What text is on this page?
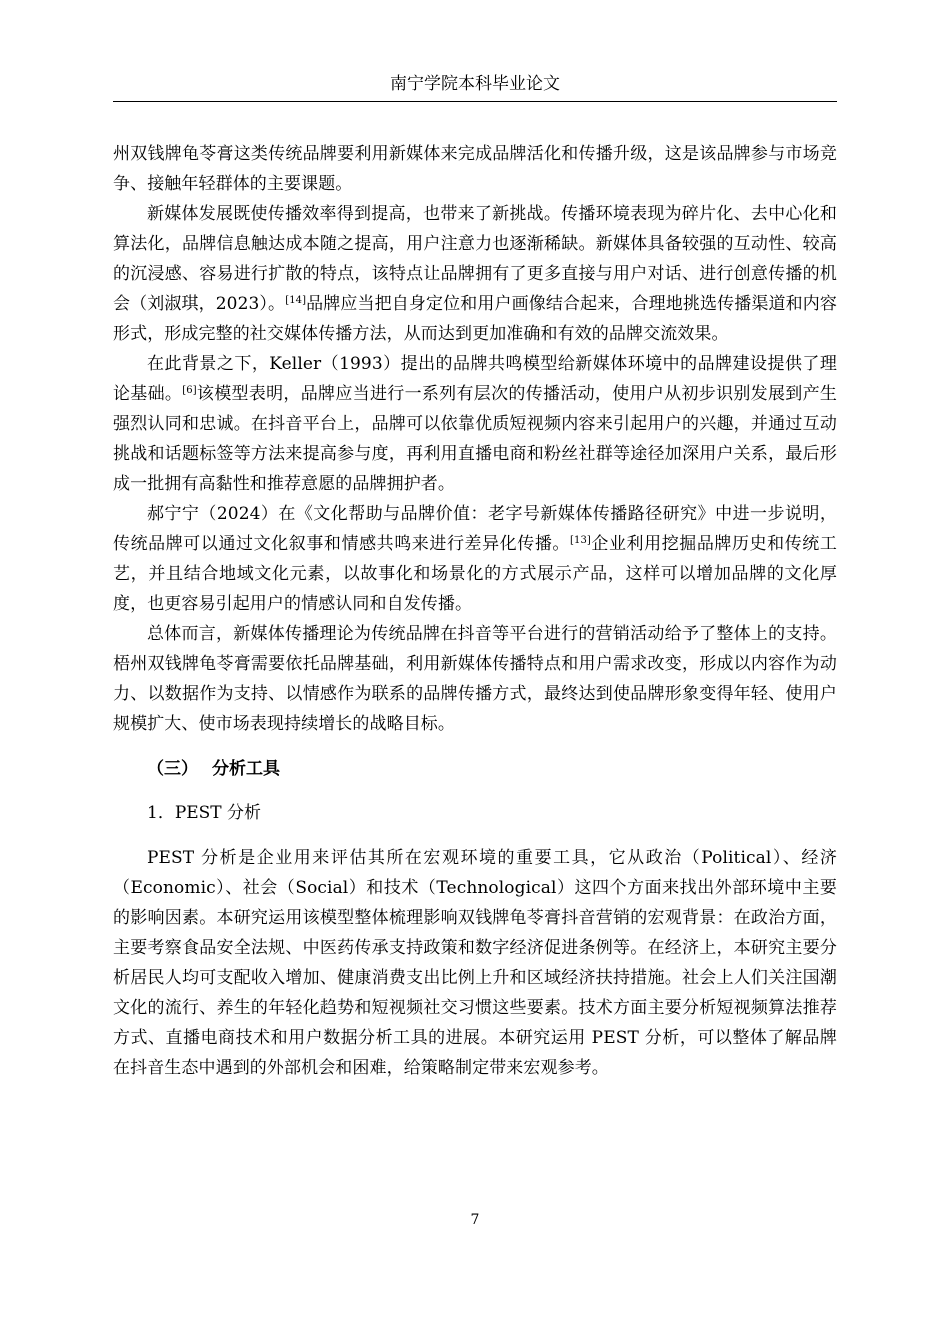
南宁学院本科毕业论文

州双钱牌龟苓膏这类传统品牌要利用新媒体来完成品牌活化和传播升级，这是该品牌参与市场竞争、接触年轻群体的主要课题。

新媒体发展既使传播效率得到提高，也带来了新挑战。传播环境表现为碎片化、去中心化和算法化，品牌信息触达成本随之提高，用户注意力也逐渐稀缺。新媒体具备较强的互动性、较高的沉浸感、容易进行扩散的特点，该特点让品牌拥有了更多直接与用户对话、进行创意传播的机会（刘淑琪，2023）。[14]品牌应当把自身定位和用户画像结合起来，合理地挑选传播渠道和内容形式，形成完整的社交媒体传播方法，从而达到更加准确和有效的品牌交流效果。

在此背景之下，Keller（1993）提出的品牌共鸣模型给新媒体环境中的品牌建设提供了理论基础。[6]该模型表明，品牌应当进行一系列有层次的传播活动，使用户从初步识别发展到产生强烈认同和忠诚。在抖音平台上，品牌可以依靠优质短视频内容来引起用户的兴趣，并通过互动挑战和话题标签等方法来提高参与度，再利用直播电商和粉丝社群等途径加深用户关系，最后形成一批拥有高黏性和推荐意愿的品牌拥护者。

郝宁宁（2024）在《文化帮助与品牌价值：老字号新媒体传播路径研究》中进一步说明，传统品牌可以通过文化叙事和情感共鸣来进行差异化传播。[13]企业利用挖掘品牌历史和传统工艺，并且结合地域文化元素，以故事化和场景化的方式展示产品，这样可以增加品牌的文化厚度，也更容易引起用户的情感认同和自发传播。

总体而言，新媒体传播理论为传统品牌在抖音等平台进行的营销活动给予了整体上的支持。梧州双钱牌龟苓膏需要依托品牌基础，利用新媒体传播特点和用户需求改变，形成以内容作为动力、以数据作为支持、以情感作为联系的品牌传播方式，最终达到使品牌形象变得年轻、使用户规模扩大、使市场表现持续增长的战略目标。

（三） 分析工具
1．PEST 分析

PEST 分析是企业用来评估其所在宏观环境的重要工具，它从政治（Political）、经济（Economic）、社会（Social）和技术（Technological）这四个方面来找出外部环境中主要的影响因素。本研究运用该模型整体梳理影响双钱牌龟苓膏抖音营销的宏观背景：在政治方面，主要考察食品安全法规、中医药传承支持政策和数字经济促进条例等。在经济上，本研究主要分析居民人均可支配收入增加、健康消费支出比例上升和区域经济扶持措施。社会上人们关注国潮文化的流行、养生的年轻化趋势和短视频社交习惯这些要素。技术方面主要分析短视频算法推荐方式、直播电商技术和用户数据分析工具的进展。本研究运用 PEST 分析，可以整体了解品牌在抖音生态中遇到的外部机会和困难，给策略制定带来宏观参考。

7
